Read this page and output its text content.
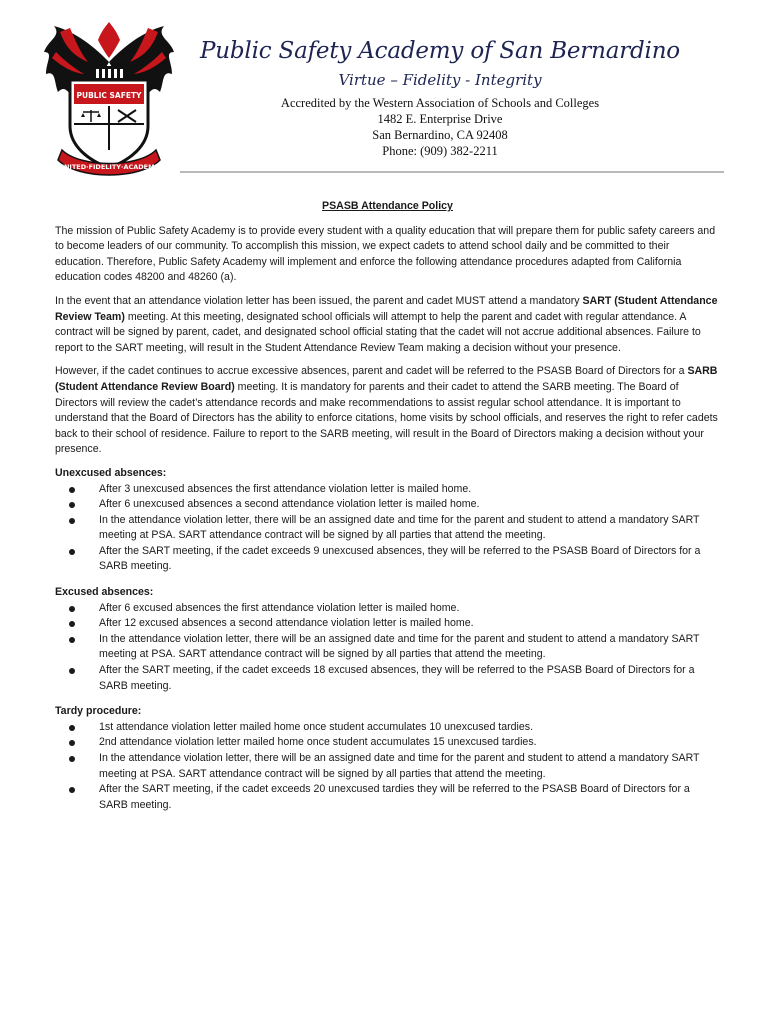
PUBLIC SAFETY
UNITED·FIDELITY·ACADEMY
Public Safety Academy of San Bernardino
Virtue – Fidelity - Integrity
Accredited by the Western Association of Schools and Colleges
1482 E. Enterprise Drive
San Bernardino, CA 92408
Phone: (909) 382-2211
PSASB Attendance Policy

The mission of Public Safety Academy is to provide every student with a quality education that will prepare them for public safety careers and to become leaders of our community. To accomplish this mission, we expect cadets to attend school daily and be committed to their education. Therefore, Public Safety Academy will implement and enforce the following attendance procedures adapted from California education codes 48200 and 48260 (a).

In the event that an attendance violation letter has been issued, the parent and cadet MUST attend a mandatory SART (Student Attendance Review Team) meeting. At this meeting, designated school officials will attempt to help the parent and cadet with regular attendance. A contract will be signed by parent, cadet, and designated school official stating that the cadet will not accrue additional absences. Failure to report to the SART meeting, will result in the Student Attendance Review Team making a decision without your presence.

However, if the cadet continues to accrue excessive absences, parent and cadet will be referred to the PSASB Board of Directors for a SARB (Student Attendance Review Board) meeting. It is mandatory for parents and their cadet to attend the SARB meeting. The Board of Directors will review the cadet’s attendance records and make recommendations to assist regular school attendance. It is important to understand that the Board of Directors has the ability to enforce citations, home visits by school officials, and reserves the right to refer cadets back to their school of residence. Failure to report to the SARB meeting, will result in the Board of Directors making a decision without your presence.

Unexcused absences:
After 3 unexcused absences the first attendance violation letter is mailed home.
After 6 unexcused absences a second attendance violation letter is mailed home.
In the attendance violation letter, there will be an assigned date and time for the parent and student to attend a mandatory SART meeting at PSA. SART attendance contract will be signed by all parties that attend the meeting.
After the SART meeting, if the cadet exceeds 9 unexcused absences, they will be referred to the PSASB Board of Directors for a SARB meeting.
Excused absences:
After 6 excused absences the first attendance violation letter is mailed home.
After 12 excused absences a second attendance violation letter is mailed home.
In the attendance violation letter, there will be an assigned date and time for the parent and student to attend a mandatory SART meeting at PSA. SART attendance contract will be signed by all parties that attend the meeting.
After the SART meeting, if the cadet exceeds 18 excused absences, they will be referred to the PSASB Board of Directors for a SARB meeting.
Tardy procedure:
1st attendance violation letter mailed home once student accumulates 10 unexcused tardies.
2nd attendance violation letter mailed home once student accumulates 15 unexcused tardies.
In the attendance violation letter, there will be an assigned date and time for the parent and student to attend a mandatory SART meeting at PSA. SART attendance contract will be signed by all parties that attend the meeting.
After the SART meeting, if the cadet exceeds 20 unexcused tardies they will be referred to the PSASB Board of Directors for a SARB meeting.
